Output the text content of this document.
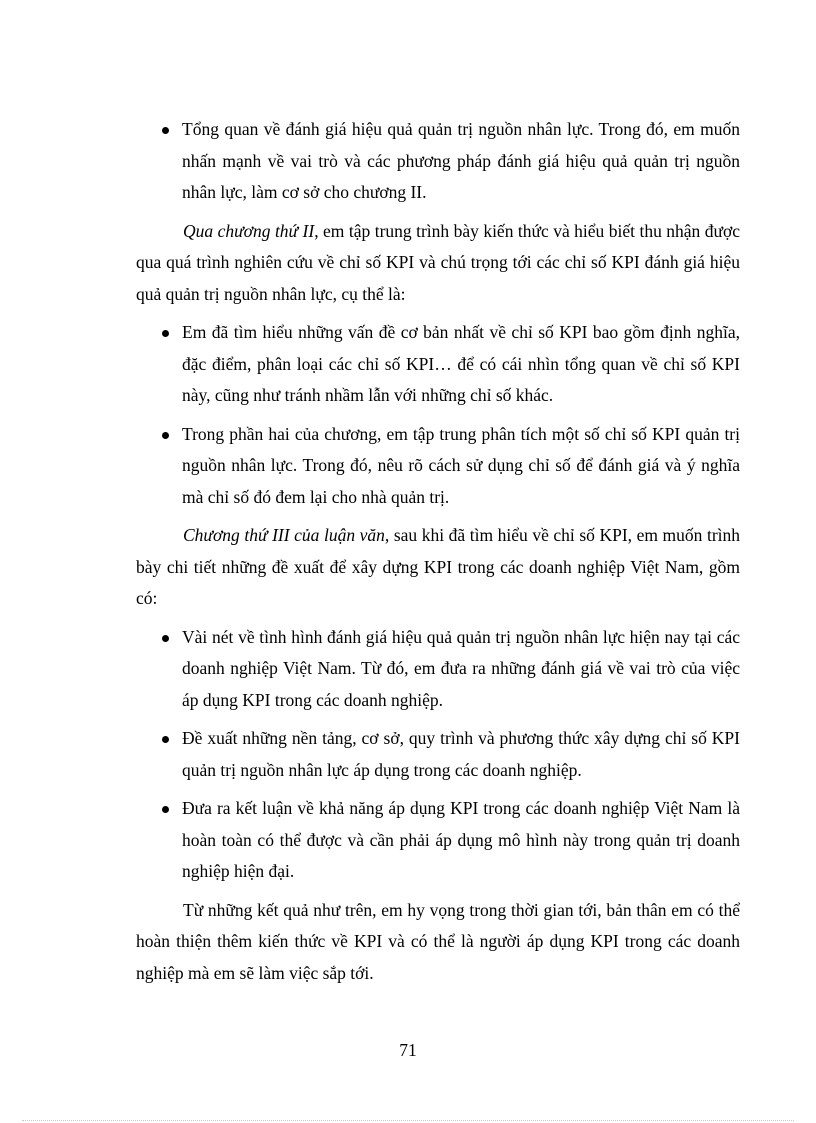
Tổng quan về đánh giá hiệu quả quản trị nguồn nhân lực. Trong đó, em muốn nhấn mạnh về vai trò và các phương pháp đánh giá hiệu quả quản trị nguồn nhân lực, làm cơ sở cho chương II.
Qua chương thứ II, em tập trung trình bày kiến thức và hiểu biết thu nhận được qua quá trình nghiên cứu về chỉ số KPI và chú trọng tới các chỉ số KPI đánh giá hiệu quả quản trị nguồn nhân lực, cụ thể là:
Em đã tìm hiểu những vấn đề cơ bản nhất về chỉ số KPI bao gồm định nghĩa, đặc điểm, phân loại các chỉ số KPI… để có cái nhìn tổng quan về chỉ số KPI này, cũng như tránh nhầm lẫn với những chỉ số khác.
Trong phần hai của chương, em tập trung phân tích một số chỉ số KPI quản trị nguồn nhân lực. Trong đó, nêu rõ cách sử dụng chỉ số để đánh giá và ý nghĩa mà chỉ số đó đem lại cho nhà quản trị.
Chương thứ III của luận văn, sau khi đã tìm hiểu về chỉ số KPI, em muốn trình bày chi tiết những đề xuất để xây dựng KPI trong các doanh nghiệp Việt Nam, gồm có:
Vài nét về tình hình đánh giá hiệu quả quản trị nguồn nhân lực hiện nay tại các doanh nghiệp Việt Nam. Từ đó, em đưa ra những đánh giá về vai trò của việc áp dụng KPI trong các doanh nghiệp.
Đề xuất những nền tảng, cơ sở, quy trình và phương thức xây dựng chỉ số KPI quản trị nguồn nhân lực áp dụng trong các doanh nghiệp.
Đưa ra kết luận về khả năng áp dụng KPI trong các doanh nghiệp Việt Nam là hoàn toàn có thể được và cần phải áp dụng mô hình này trong quản trị doanh nghiệp hiện đại.
Từ những kết quả như trên, em hy vọng trong thời gian tới, bản thân em có thể hoàn thiện thêm kiến thức về KPI và có thể là người áp dụng KPI trong các doanh nghiệp mà em sẽ làm việc sắp tới.
71
